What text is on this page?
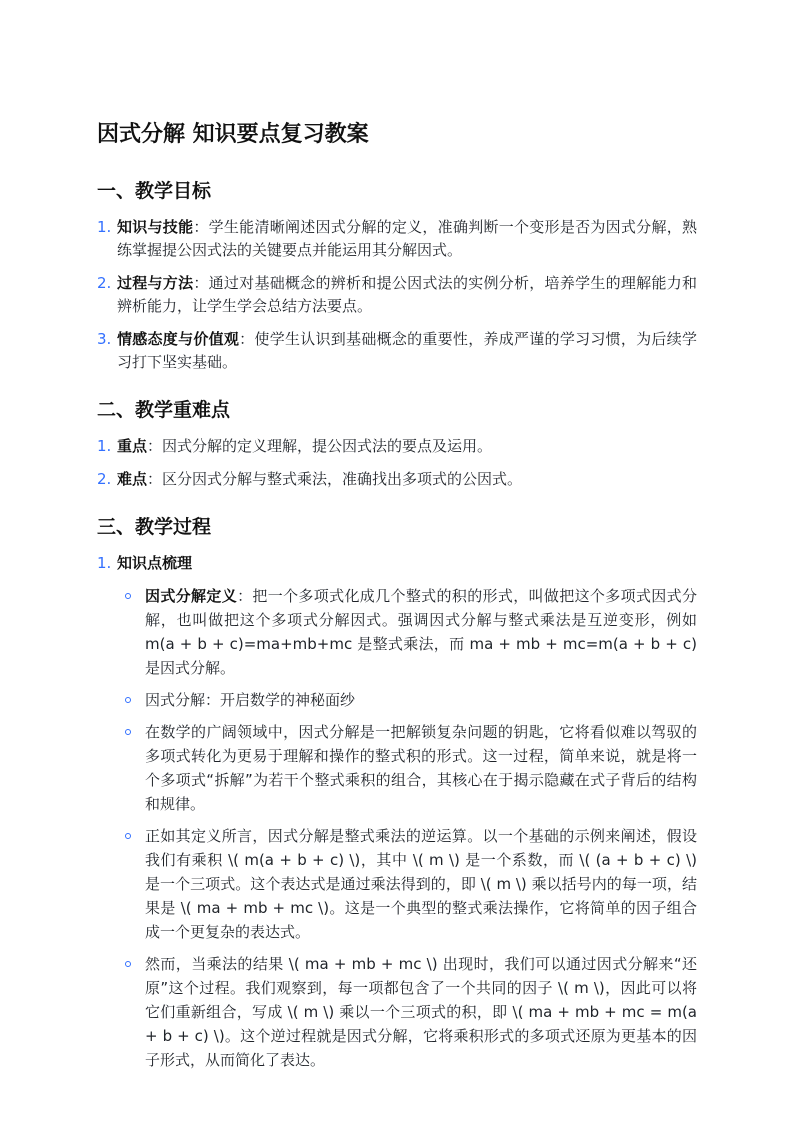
因式分解 知识要点复习教案
一、教学目标
1. 知识与技能：学生能清晰阐述因式分解的定义，准确判断一个变形是否为因式分解，熟练掌握提公因式法的关键要点并能运用其分解因式。
2. 过程与方法：通过对基础概念的辨析和提公因式法的实例分析，培养学生的理解能力和辨析能力，让学生学会总结方法要点。
3. 情感态度与价值观：使学生认识到基础概念的重要性，养成严谨的学习习惯，为后续学习打下坚实基础。
二、教学重难点
1. 重点：因式分解的定义理解，提公因式法的要点及运用。
2. 难点：区分因式分解与整式乘法，准确找出多项式的公因式。
三、教学过程
1. 知识点梳理
因式分解定义：把一个多项式化成几个整式的积的形式，叫做把这个多项式因式分解，也叫做把这个多项式分解因式。强调因式分解与整式乘法是互逆变形，例如 m(a + b + c)=ma+mb+mc 是整式乘法，而 ma + mb + mc=m(a + b + c)是因式分解。
因式分解：开启数学的神秘面纱
在数学的广阔领域中，因式分解是一把解锁复杂问题的钥匙，它将看似难以驾驭的多项式转化为更易于理解和操作的整式积的形式。这一过程，简单来说，就是将一个多项式“拆解”为若干个整式乘积的组合，其核心在于揭示隐藏在式子背后的结构和规律。
正如其定义所言，因式分解是整式乘法的逆运算。以一个基础的示例来阐述，假设我们有乘积 \( m(a + b + c) \)，其中 \( m \) 是一个系数，而 \( (a + b + c) \) 是一个三项式。这个表达式是通过乘法得到的，即 \( m \) 乘以括号内的每一项，结果是 \( ma + mb + mc \)。这是一个典型的整式乘法操作，它将简单的因子组合成一个更复杂的表达式。
然而，当乘法的结果 \( ma + mb + mc \) 出现时，我们可以通过因式分解来“还原”这个过程。我们观察到，每一项都包含了一个共同的因子 \( m \)，因此可以将它们重新组合，写成 \( m \) 乘以一个三项式的积，即 \( ma + mb + mc = m(a + b + c) \)。这个逆过程就是因式分解，它将乘积形式的多项式还原为更基本的因子形式，从而简化了表达。
